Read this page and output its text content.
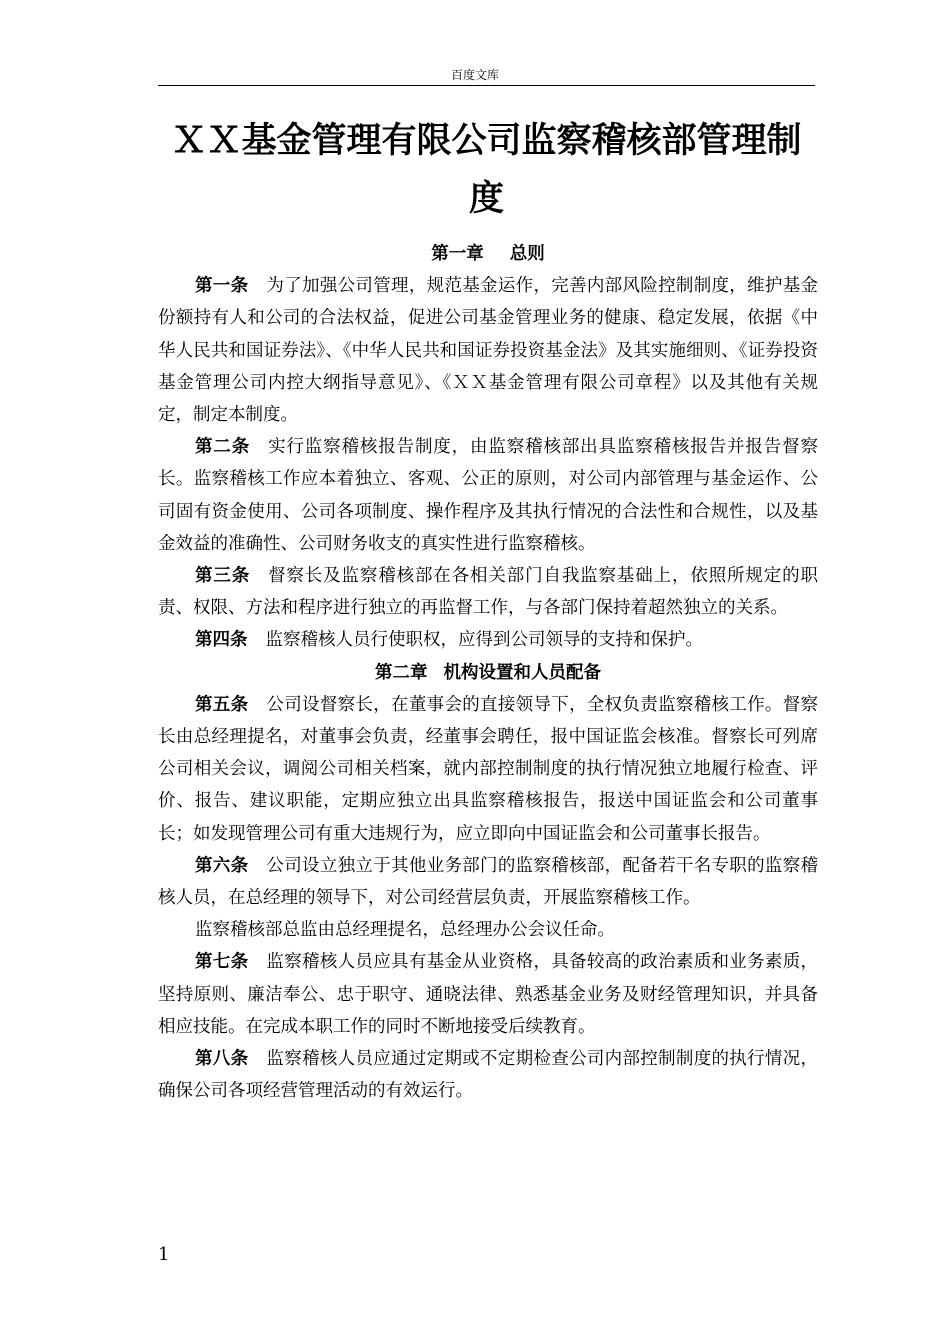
百度文库
ＸＸ基金管理有限公司监察稽核部管理制度

第一章 总则

第一条 为了加强公司管理，规范基金运作，完善内部风险控制制度，维护基金份额持有人和公司的合法权益，促进公司基金管理业务的健康、稳定发展，依据《中华人民共和国证券法》、《中华人民共和国证券投资基金法》及其实施细则、《证券投资基金管理公司内控大纲指导意见》、《ＸＸ基金管理有限公司章程》以及其他有关规定，制定本制度。

第二条 实行监察稽核报告制度，由监察稽核部出具监察稽核报告并报告督察长。监察稽核工作应本着独立、客观、公正的原则，对公司内部管理与基金运作、公司固有资金使用、公司各项制度、操作程序及其执行情况的合法性和合规性，以及基金效益的准确性、公司财务收支的真实性进行监察稽核。

第三条 督察长及监察稽核部在各相关部门自我监察基础上，依照所规定的职责、权限、方法和程序进行独立的再监督工作，与各部门保持着超然独立的关系。

第四条 监察稽核人员行使职权，应得到公司领导的支持和保护。

第二章 机构设置和人员配备

第五条 公司设督察长，在董事会的直接领导下，全权负责监察稽核工作。督察长由总经理提名，对董事会负责，经董事会聘任，报中国证监会核准。督察长可列席公司相关会议，调阅公司相关档案，就内部控制制度的执行情况独立地履行检查、评价、报告、建议职能，定期应独立出具监察稽核报告，报送中国证监会和公司董事长；如发现管理公司有重大违规行为，应立即向中国证监会和公司董事长报告。

第六条 公司设立独立于其他业务部门的监察稽核部，配备若干名专职的监察稽核人员，在总经理的领导下，对公司经营层负责，开展监察稽核工作。

监察稽核部总监由总经理提名，总经理办公会议任命。

第七条 监察稽核人员应具有基金从业资格，具备较高的政治素质和业务素质，坚持原则、廉洁奉公、忠于职守、通晓法律、熟悉基金业务及财经管理知识，并具备相应技能。在完成本职工作的同时不断地接受后续教育。

第八条 监察稽核人员应通过定期或不定期检查公司内部控制制度的执行情况，确保公司各项经营管理活动的有效运行。

1
